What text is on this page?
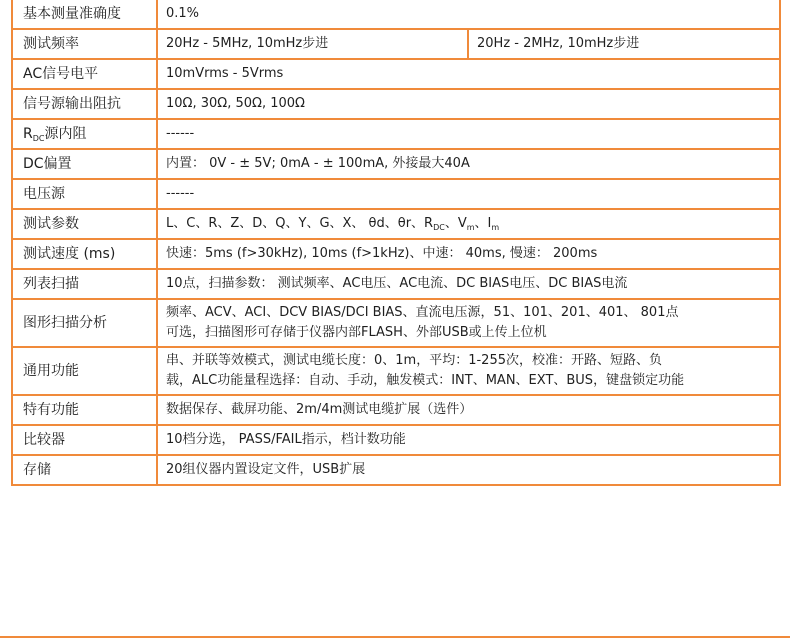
基本测量准确度	0.1%	
测试频率	20Hz - 5MHz, 10mHz步进	20Hz - 2MHz, 10mHz步进
AC信号电平	10mVrms - 5Vrms	
信号源输出阻抗	10Ω, 30Ω, 50Ω, 100Ω	
$R_{DC}$源内阻	------	
DC偏置	内置： 0V - ± 5V; 0mA - ± 100mA, 外接最大40A	
电压源	------	
测试参数	L、C、R、Z、D、Q、Y、G、X、 θd、θr、$R_{DC}$、$V_m$、$I_m$
测试速度 (ms)	快速：5ms (f>30kHz), 10ms (f>1kHz)、中速： 40ms, 慢速： 200ms	
列表扫描	10点，扫描参数： 测试频率、AC电压、AC电流、DC BIAS电压、DC BIAS电流	
图形扫描分析	频率、ACV、ACI、DCV BIAS/DCI BIAS、直流电压源，51、101、201、401、 801点
可选，扫描图形可存储于仪器内部FLASH、外部USB或上传上位机	

通用功能	串、并联等效模式，测试电缆长度：0、1m，平均：1-255次，校准：开路、短路、负
载，ALC功能量程选择：自动、手动，触发模式：INT、MAN、EXT、BUS，键盘锁定功能	

特有功能	数据保存、截屏功能、2m/4m测试电缆扩展（选件）	
比较器	10档分选， PASS/FAIL指示，档计数功能	
存储	20组仪器内置设定文件，USB扩展	
